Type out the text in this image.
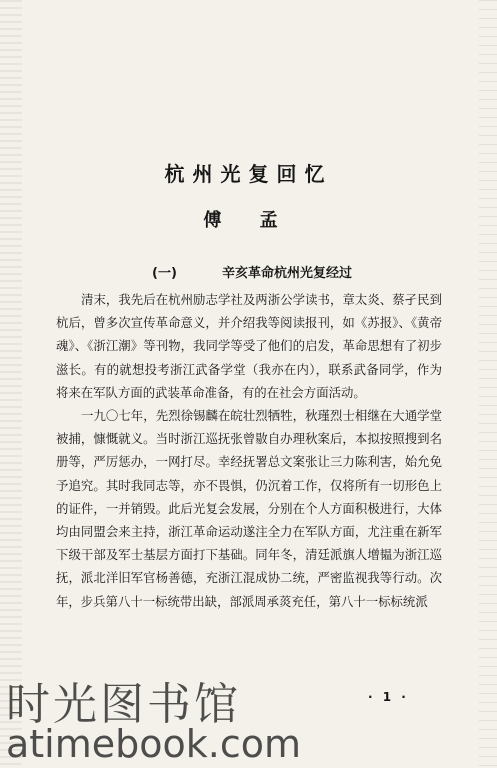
杭州光复回忆
傅 孟
(一)	辛亥革命杭州光复经过

清末，我先后在杭州励志学社及两浙公学读书，章太炎、蔡孑民到杭后，曾多次宣传革命意义，并介绍我等阅读报刊，如《苏报》、《黄帝魂》、《浙江潮》等刊物，我同学等受了他们的启发，革命思想有了初步滋长。有的就想投考浙江武备学堂（我亦在内），联系武备同学，作为将来在军队方面的武装革命准备，有的在社会方面活动。

一九〇七年，先烈徐锡麟在皖壮烈牺牲，秋瑾烈士相继在大通学堂被捕，慷慨就义。当时浙江巡抚张曾敭自办理秋案后，本拟按照搜到名册等，严厉惩办，一网打尽。幸经抚署总文案张让三力陈利害，始允免予追究。其时我同志等，亦不畏惧，仍沉着工作，仅将所有一切形色上的证件，一并销毁。此后光复会发展，分别在个人方面积极进行，大体均由同盟会来主持，浙江革命运动遂注全力在军队方面，尤注重在新军下级干部及军士基层方面打下基础。同年冬，清廷派旗人增韫为浙江巡抚，派北洋旧军官杨善德，充浙江混成协二统，严密监视我等行动。次年，步兵第八十一标统带出缺，部派周承菼充任，第八十一标标统派

· 1 ·
时光图书馆
atimebook.com
